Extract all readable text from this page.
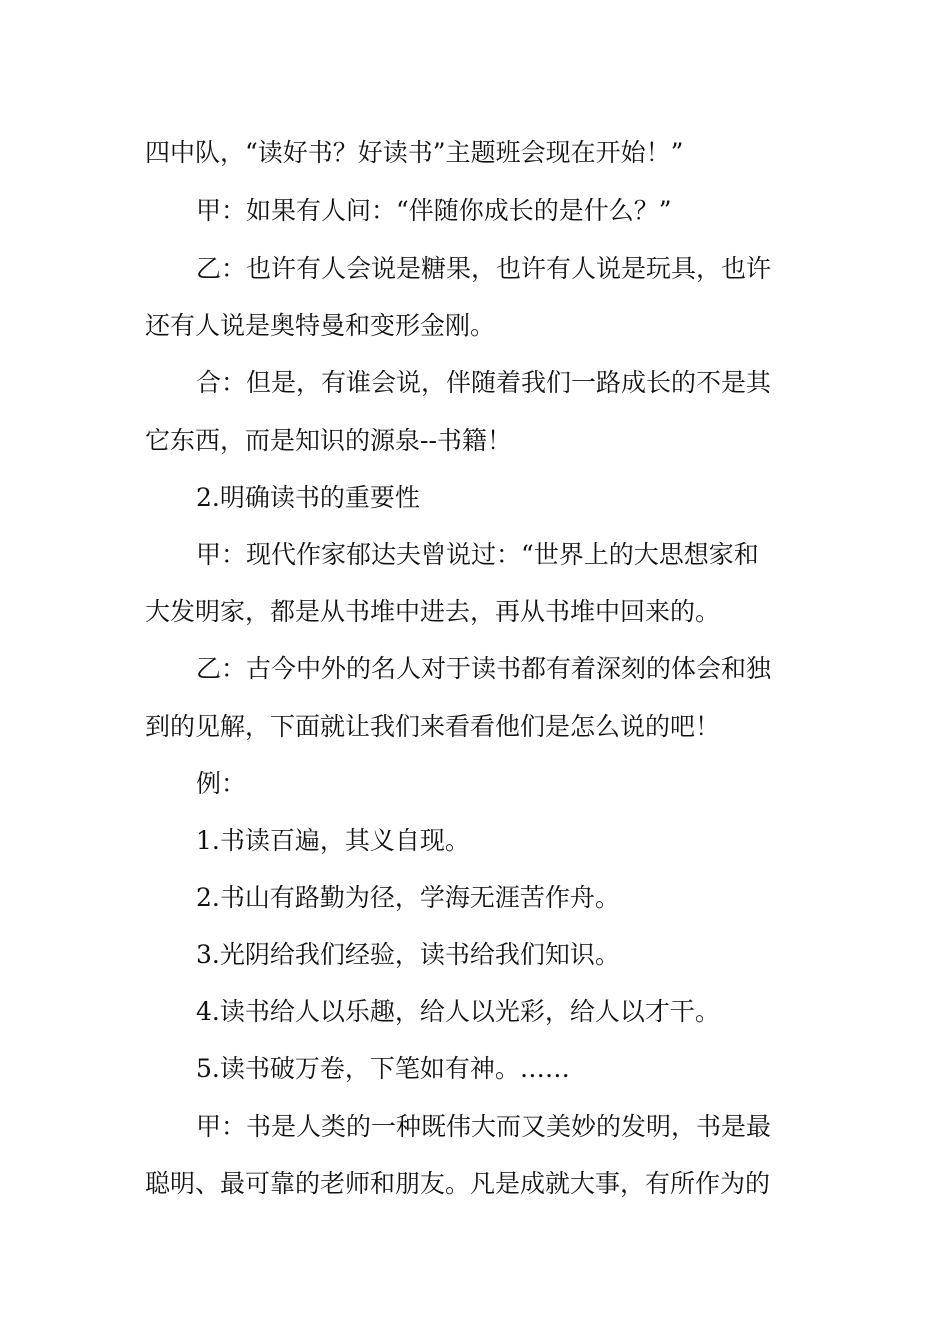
四中队，“读好书？好读书”主题班会现在开始！”
甲：如果有人问：“伴随你成长的是什么？”
乙：也许有人会说是糖果，也许有人说是玩具，也许
还有人说是奥特曼和变形金刚。
合：但是，有谁会说，伴随着我们一路成长的不是其
它东西，而是知识的源泉--书籍！
2.明确读书的重要性
甲：现代作家郁达夫曾说过：“世界上的大思想家和
大发明家，都是从书堆中进去，再从书堆中回来的。
乙：古今中外的名人对于读书都有着深刻的体会和独
到的见解，下面就让我们来看看他们是怎么说的吧！
例：
1.书读百遍，其义自现。
2.书山有路勤为径，学海无涯苦作舟。
3.光阴给我们经验，读书给我们知识。
4.读书给人以乐趣，给人以光彩，给人以才干。
5.读书破万卷，下笔如有神。……
甲：书是人类的一种既伟大而又美妙的发明，书是最
聪明、最可靠的老师和朋友。凡是成就大事，有所作为的
